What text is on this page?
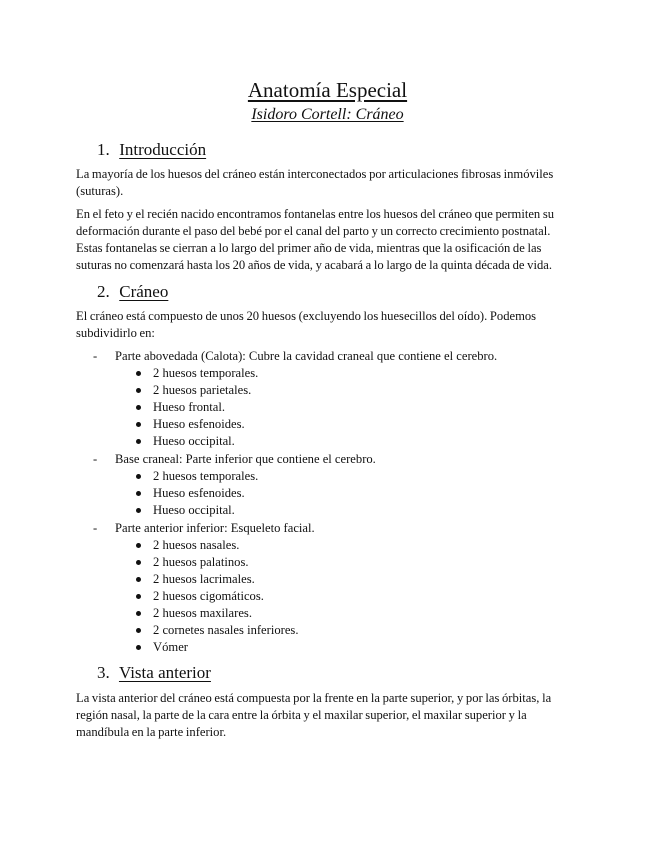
Anatomía Especial
Isidoro Cortell: Cráneo
1. Introducción
La mayoría de los huesos del cráneo están interconectados por articulaciones fibrosas inmóviles (suturas).
En el feto y el recién nacido encontramos fontanelas entre los huesos del cráneo que permiten su deformación durante el paso del bebé por el canal del parto y un correcto crecimiento postnatal. Estas fontanelas se cierran a lo largo del primer año de vida, mientras que la osificación de las suturas no comenzará hasta los 20 años de vida, y acabará a lo largo de la quinta década de vida.
2. Cráneo
El cráneo está compuesto de unos 20 huesos (excluyendo los huesecillos del oído). Podemos subdividirlo en:
- Parte abovedada (Calota): Cubre la cavidad craneal que contiene el cerebro.
2 huesos temporales.
2 huesos parietales.
Hueso frontal.
Hueso esfenoides.
Hueso occipital.
- Base craneal: Parte inferior que contiene el cerebro.
2 huesos temporales.
Hueso esfenoides.
Hueso occipital.
- Parte anterior inferior: Esqueleto facial.
2 huesos nasales.
2 huesos palatinos.
2 huesos lacrimales.
2 huesos cigomáticos.
2 huesos maxilares.
2 cornetes nasales inferiores.
Vómer
3. Vista anterior
La vista anterior del cráneo está compuesta por la frente en la parte superior, y por las órbitas, la región nasal, la parte de la cara entre la órbita y el maxilar superior, el maxilar superior y la mandíbula en la parte inferior.
